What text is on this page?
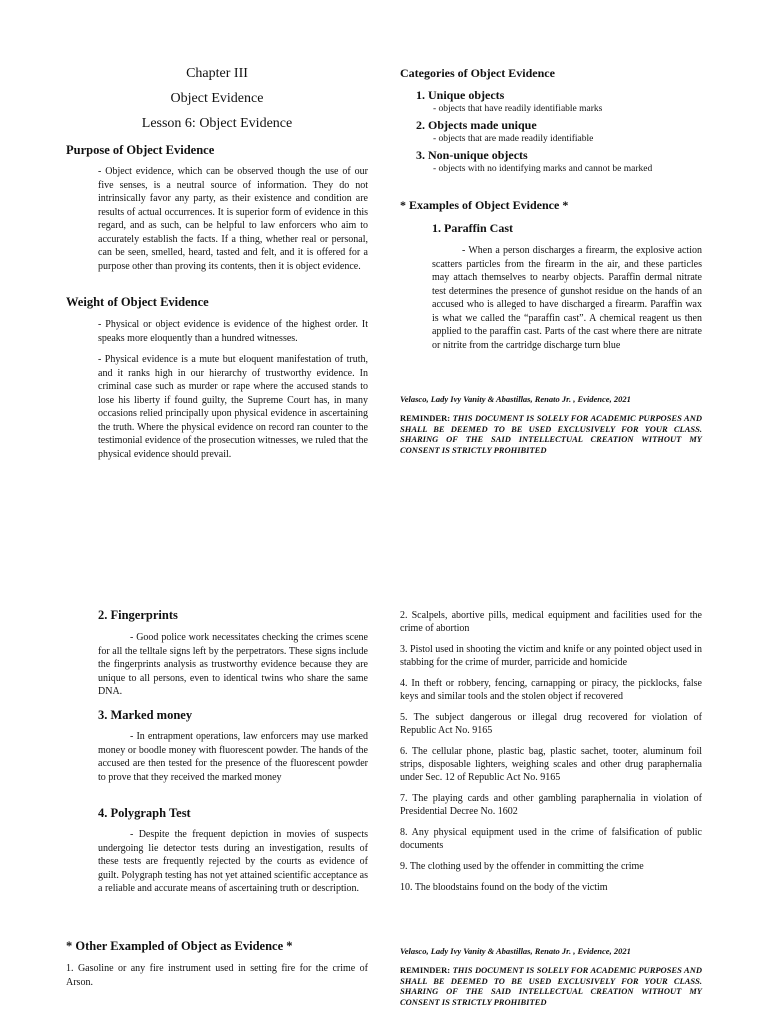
Chapter III
Object Evidence
Lesson 6: Object Evidence
Purpose of Object Evidence
- Object evidence, which can be observed though the use of our five senses, is a neutral source of information. They do not intrinsically favor any party, as their existence and condition are results of actual occurrences. It is superior form of evidence in this regard, and as such, can be helpful to law enforcers who aim to accurately establish the facts. If a thing, whether real or personal, can be seen, smelled, heard, tasted and felt, and it is offered for a purpose other than proving its contents, then it is object evidence.
Weight of Object Evidence

- Physical or object evidence is evidence of the highest order. It speaks more eloquently than a hundred witnesses.

- Physical evidence is a mute but eloquent manifestation of truth, and it ranks high in our hierarchy of trustworthy evidence. In criminal case such as murder or rape where the accused stands to lose his liberty if found guilty, the Supreme Court has, in many occasions relied principally upon physical evidence in ascertaining the truth. Where the physical evidence on record ran counter to the testimonial evidence of the prosecution witnesses, we ruled that the physical evidence should prevail.

Categories of Object Evidence
1. Unique objects
- objects that have readily identifiable marks
2. Objects made unique
- objects that are made readily identifiable
3. Non-unique objects
- objects with no identifying marks and cannot be marked
* Examples of Object Evidence *
1. Paraffin Cast
- When a person discharges a firearm, the explosive action scatters particles from the firearm in the air, and these particles may attach themselves to nearby objects. Paraffin dermal nitrate test determines the presence of gunshot residue on the hands of an accused who is alleged to have discharged a firearm. Paraffin wax is what we called the “paraffin cast”. A chemical reagent us then applied to the paraffin cast. Parts of the cast where there are nitrate or nitrite from the cartridge discharge turn blue
Velasco, Lady Ivy Vanity & Abastillas, Renato Jr. , Evidence, 2021
REMINDER: THIS DOCUMENT IS SOLELY FOR ACADEMIC PURPOSES AND SHALL BE DEEMED TO BE USED EXCLUSIVELY FOR YOUR CLASS. SHARING OF THE SAID INTELLECTUAL CREATION WITHOUT MY CONSENT IS STRICTLY PROHIBITED
2. Fingerprints
- Good police work necessitates checking the crimes scene for all the telltale signs left by the perpetrators. These signs include the fingerprints analysis as trustworthy evidence because they are unique to all persons, even to identical twins who share the same DNA.
3. Marked money
- In entrapment operations, law enforcers may use marked money or boodle money with fluorescent powder. The hands of the accused are then tested for the presence of the fluorescent powder to prove that they received the marked money
4. Polygraph Test
- Despite the frequent depiction in movies of suspects undergoing lie detector tests during an investigation, results of these tests are frequently rejected by the courts as evidence of guilt. Polygraph testing has not yet attained scientific acceptance as a reliable and accurate means of ascertaining truth or description.
* Other Exampled of Object as Evidence *
1. Gasoline or any fire instrument used in setting fire for the crime of Arson.

2. Scalpels, abortive pills, medical equipment and facilities used for the crime of abortion

3. Pistol used in shooting the victim and knife or any pointed object used in stabbing for the crime of murder, parricide and homicide

4. In theft or robbery, fencing, carnapping or piracy, the picklocks, false keys and similar tools and the stolen object if recovered

5. The subject dangerous or illegal drug recovered for violation of Republic Act No. 9165

6. The cellular phone, plastic bag, plastic sachet, tooter, aluminum foil strips, disposable lighters, weighing scales and other drug paraphernalia under Sec. 12 of Republic Act No. 9165

7. The playing cards and other gambling paraphernalia in violation of Presidential Decree No. 1602

8. Any physical equipment used in the crime of falsification of public documents

9. The clothing used by the offender in committing the crime

10. The bloodstains found on the body of the victim

Velasco, Lady Ivy Vanity & Abastillas, Renato Jr. , Evidence, 2021
REMINDER: THIS DOCUMENT IS SOLELY FOR ACADEMIC PURPOSES AND SHALL BE DEEMED TO BE USED EXCLUSIVELY FOR YOUR CLASS. SHARING OF THE SAID INTELLECTUAL CREATION WITHOUT MY CONSENT IS STRICTLY PROHIBITED
